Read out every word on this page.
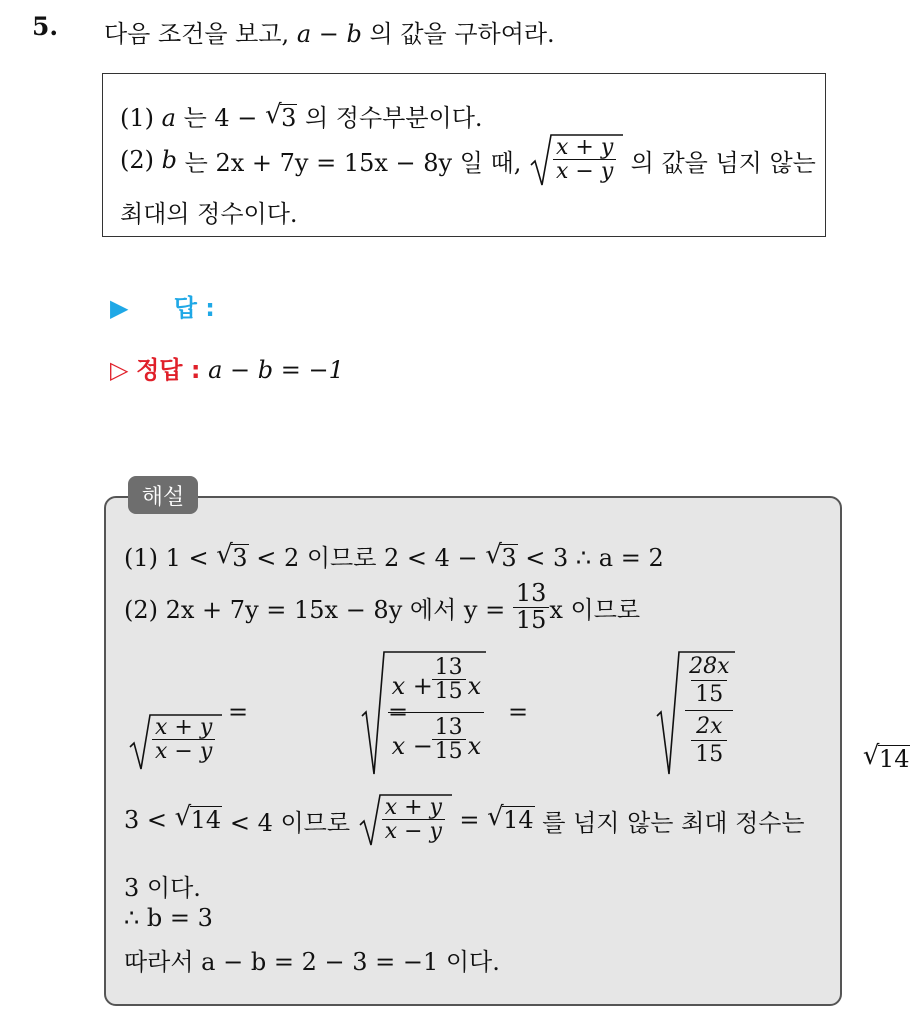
5. 다음 조건을 보고, a − b 의 값을 구하여라.
(1) a 는 4 − √ 3 의 정수부분이다.
(2)
b
는 2x + 7y = 15x − 8y 일 때,
$\frac{x + y}{x - y}$
의 값을 넘지 않는
최대의 정수이다.
▶ 답 :
▷ 정답 : a − b = −1
해설
(1) 1 < √ 3 < 2 이므로 2 < 4 − √ 3 < 3 ∴ a = 2
(2) 2x + 7y = 15x − 8y 에서 y =
$\frac{13}{15}$ x 이므로
$\frac{x + y}{x - y}$

=
x +
$\frac{13}{15}$ x
x −
$\frac{13}{15}$ x

=
28x
15
2x
15

=
√ 14
3 <
√ 14
< 4 이므로
$\frac{x + y}{x - y}$
=
√ 14
를 넘지 않는 최대 정수는
3 이다.
∴ b = 3
따라서 a − b = 2 − 3 = −1 이다.
